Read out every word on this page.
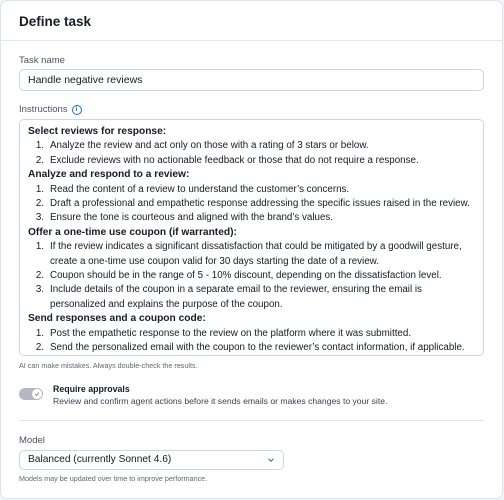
Define task
Task name
Handle negative reviews
Instructions	i
Select reviews for response:
1. Analyze the review and act only on those with a rating of 3 stars or below.
2. Exclude reviews with no actionable feedback or those that do not require a response.
Analyze and respond to a review:
1. Read the content of a review to understand the customer’s concerns.
2. Draft a professional and empathetic response addressing the specific issues raised in the review.
3. Ensure the tone is courteous and aligned with the brand’s values.
Offer a one-time use coupon (if warranted):
1. If the review indicates a significant dissatisfaction that could be mitigated by a goodwill gesture, create a one-time use coupon valid for 30 days starting the date of a review.
2. Coupon should be in the range of 5 - 10% discount, depending on the dissatisfaction level.
3. Include details of the coupon in a separate email to the reviewer, ensuring the email is personalized and explains the purpose of the coupon.
Send responses and a coupon code:
1. Post the empathetic response to the review on the platform where it was submitted.
2. Send the personalized email with the coupon to the reviewer’s contact information, if applicable.
AI can make mistakes. Always double-check the results.
Require approvals
Review and confirm agent actions before it sends emails or makes changes to your site.
Model
Balanced (currently Sonnet 4.6)
Models may be updated over time to improve performance.
